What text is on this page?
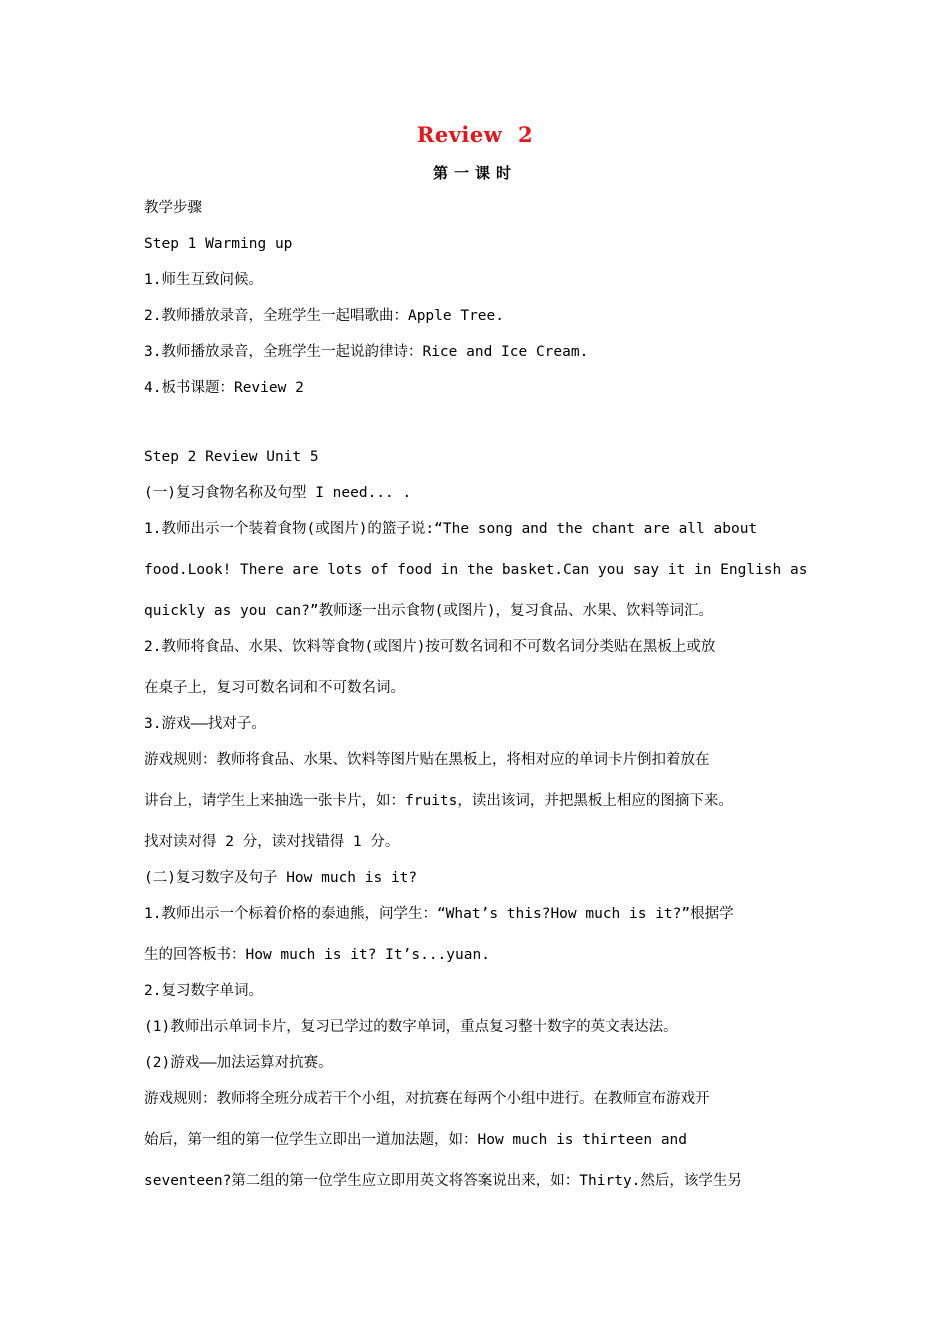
Review  2
第一课时
教学步骤
Step 1 Warming up
1.师生互致问候。
2.教师播放录音，全班学生一起唱歌曲：Apple Tree.
3.教师播放录音，全班学生一起说韵律诗：Rice and Ice Cream.
4.板书课题：Review 2
Step 2 Review Unit 5
(一)复习食物名称及句型 I need... .
1.教师出示一个装着食物(或图片)的篮子说:“The song and the chant are all about
food.Look! There are lots of food in the basket.Can you say it in English as
quickly as you can?”教师逐一出示食物(或图片)，复习食品、水果、饮料等词汇。
2.教师将食品、水果、饮料等食物(或图片)按可数名词和不可数名词分类贴在黑板上或放
在桌子上，复习可数名词和不可数名词。
3.游戏——找对子。
游戏规则：教师将食品、水果、饮料等图片贴在黑板上，将相对应的单词卡片倒扣着放在
讲台上，请学生上来抽选一张卡片，如：fruits，读出该词，并把黑板上相应的图摘下来。
找对读对得 2 分，读对找错得 1 分。
(二)复习数字及句子 How much is it?
1.教师出示一个标着价格的泰迪熊，问学生：“What’s this?How much is it?”根据学
生的回答板书：How much is it? It’s...yuan.
2.复习数字单词。
(1)教师出示单词卡片，复习已学过的数字单词，重点复习整十数字的英文表达法。
(2)游戏——加法运算对抗赛。
游戏规则：教师将全班分成若干个小组，对抗赛在每两个小组中进行。在教师宣布游戏开
始后，第一组的第一位学生立即出一道加法题，如：How much is thirteen and
seventeen?第二组的第一位学生应立即用英文将答案说出来，如：Thirty.然后，该学生另
